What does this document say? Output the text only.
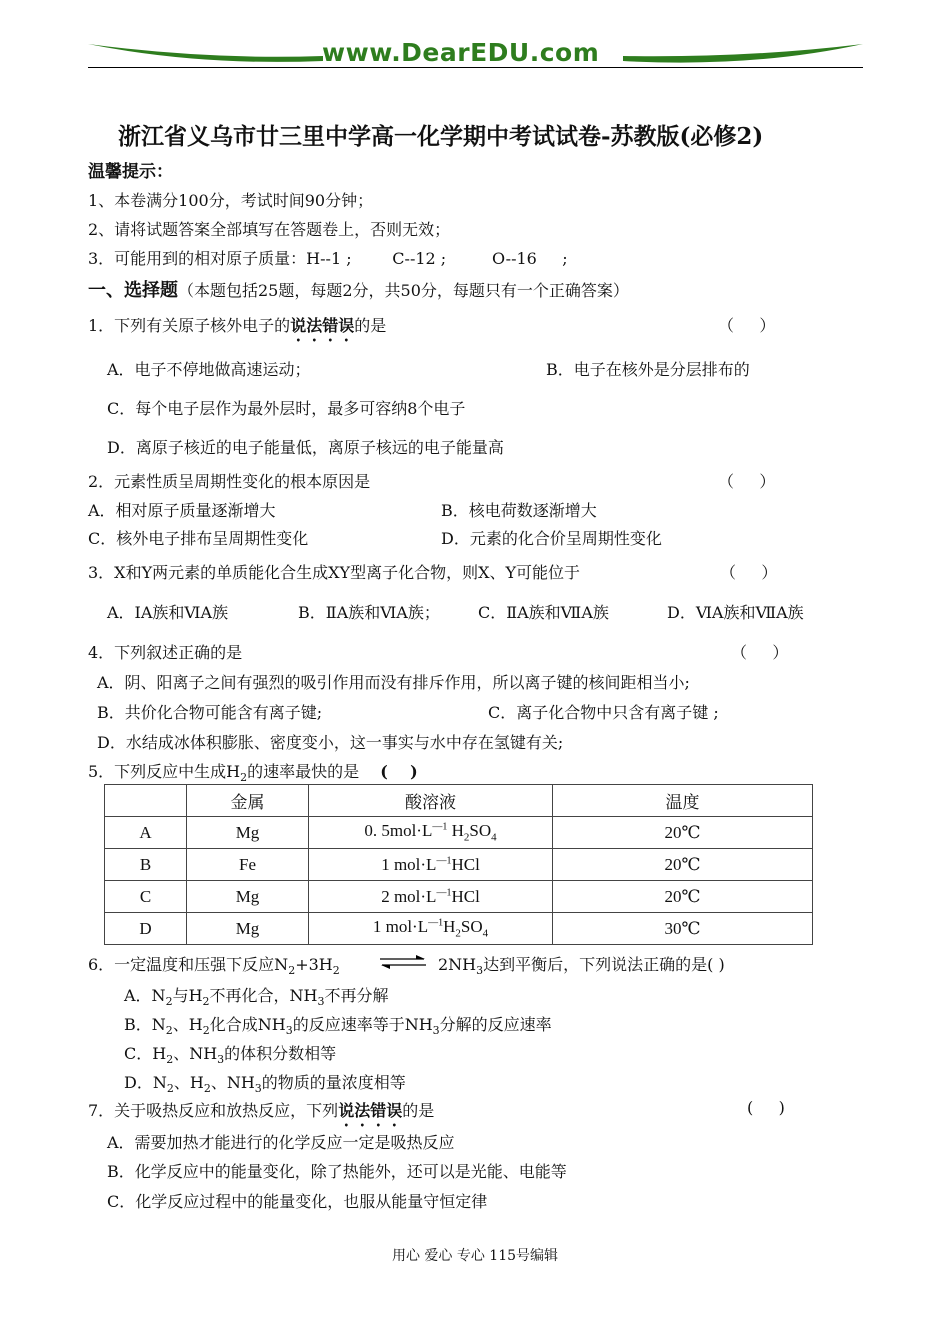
www.DearEDU.com
浙江省义乌市廿三里中学高一化学期中考试试卷-苏教版(必修2)
温馨提示：
1、本卷满分100分，考试时间90分钟；
2、请将试题答案全部填写在答题卷上，否则无效；
3．可能用到的相对原子质量：H--1 ;        C--12 ;         O--16     ;
一、选择题（本题包括25题，每题2分，共50分，每题只有一个正确答案）
1．下列有关原子核外电子的说法错误的是	（     ）
A．电子不停地做高速运动；	B．电子在核外是分层排布的
C．每个电子层作为最外层时，最多可容纳8个电子
D．离原子核近的电子能量低，离原子核远的电子能量高
2．元素性质呈周期性变化的根本原因是	（     ）
A．相对原子质量逐渐增大	B．核电荷数逐渐增大
C．核外电子排布呈周期性变化	D．元素的化合价呈周期性变化
3．X和Y两元素的单质能化合生成XY型离子化合物，则X、Y可能位于	（     ）
A．ⅠA族和ⅥA族	B．ⅡA族和ⅥA族； C．ⅡA族和ⅦA族	D．ⅥA族和ⅦA族
4．下列叙述正确的是	（     ）
A．阴、阳离子之间有强烈的吸引作用而没有排斥作用，所以离子键的核间距相当小;
B．共价化合物可能含有离子键;	C．离子化合物中只含有离子键 ;
D．水结成冰体积膨胀、密度变小，这一事实与水中存在氢键有关;
5．下列反应中生成$H_2$的速率最快的是 (    )
	金属	酸溶液	温度
A	Mg	0. $5mol\cdot L^{—1}$ $H_2SO_4$	20℃
B	Fe	1 $mol\cdot L^{—1}HCl$	20℃
C	Mg	2 $mol\cdot L^{—1}HCl$	20℃
D	Mg	1 $mol\cdot L^{—1}H_2SO_4$	30℃
6．一定温度和压强下反应$N_2+3H_2$ ⇌ $2NH_3$达到平衡后，下列说法正确的是( )
A．$N_2$与$H_2$不再化合，$NH_3$不再分解
B．$N_2$、$H_2$化合成$NH_3$的反应速率等于$NH_3$分解的反应速率
C．$H_2$、$NH_3$的体积分数相等
D．$N_2$、$H_2$、$NH_3$的物质的量浓度相等
7．关于吸热反应和放热反应，下列说法错误的是	(     )
A．需要加热才能进行的化学反应一定是吸热反应
B．化学反应中的能量变化，除了热能外，还可以是光能、电能等
C．化学反应过程中的能量变化，也服从能量守恒定律
用心 爱心 专心 115号编辑
